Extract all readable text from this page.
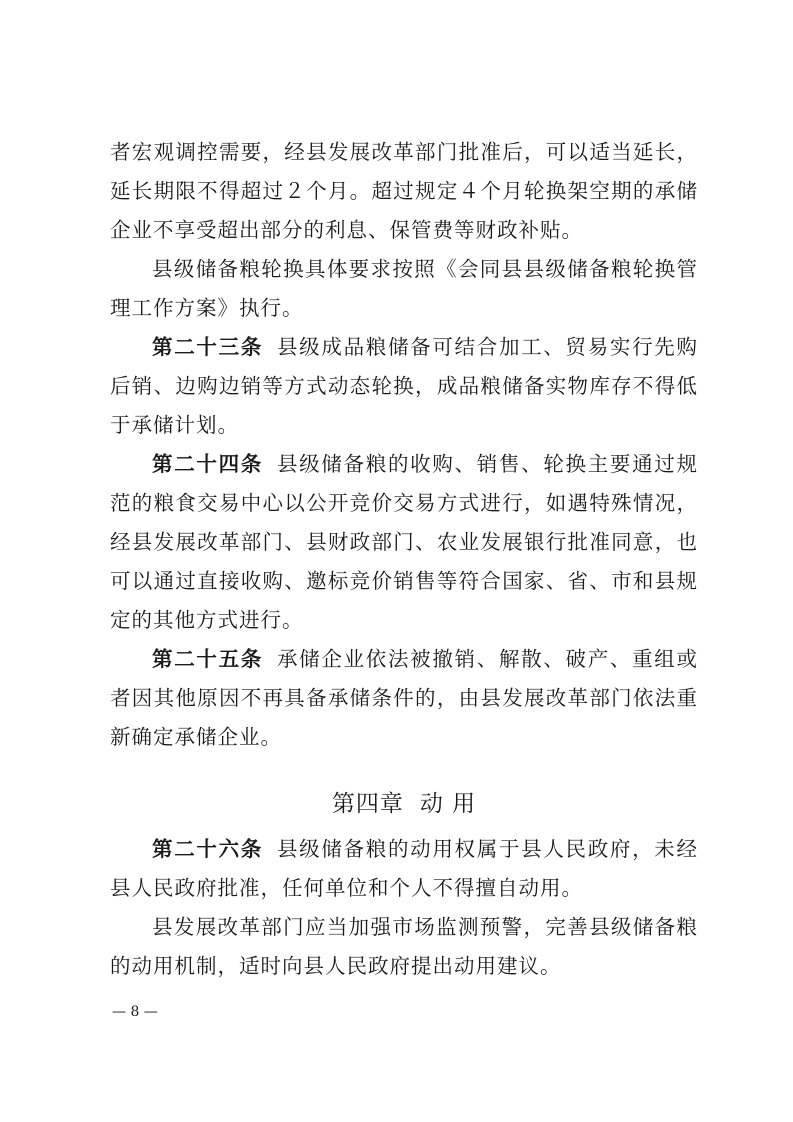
者宏观调控需要，经县发展改革部门批准后，可以适当延长，延长期限不得超过２个月。超过规定４个月轮换架空期的承储企业不享受超出部分的利息、保管费等财政补贴。

县级储备粮轮换具体要求按照《会同县县级储备粮轮换管理工作方案》执行。

第二十三条 县级成品粮储备可结合加工、贸易实行先购后销、边购边销等方式动态轮换，成品粮储备实物库存不得低于承储计划。

第二十四条 县级储备粮的收购、销售、轮换主要通过规范的粮食交易中心以公开竞价交易方式进行，如遇特殊情况，经县发展改革部门、县财政部门、农业发展银行批准同意，也可以通过直接收购、邀标竞价销售等符合国家、省、市和县规定的其他方式进行。

第二十五条 承储企业依法被撤销、解散、破产、重组或者因其他原因不再具备承储条件的，由县发展改革部门依法重新确定承储企业。

第四章 动 用

第二十六条 县级储备粮的动用权属于县人民政府，未经县人民政府批准，任何单位和个人不得擅自动用。

县发展改革部门应当加强市场监测预警，完善县级储备粮的动用机制，适时向县人民政府提出动用建议。

— 8 —
